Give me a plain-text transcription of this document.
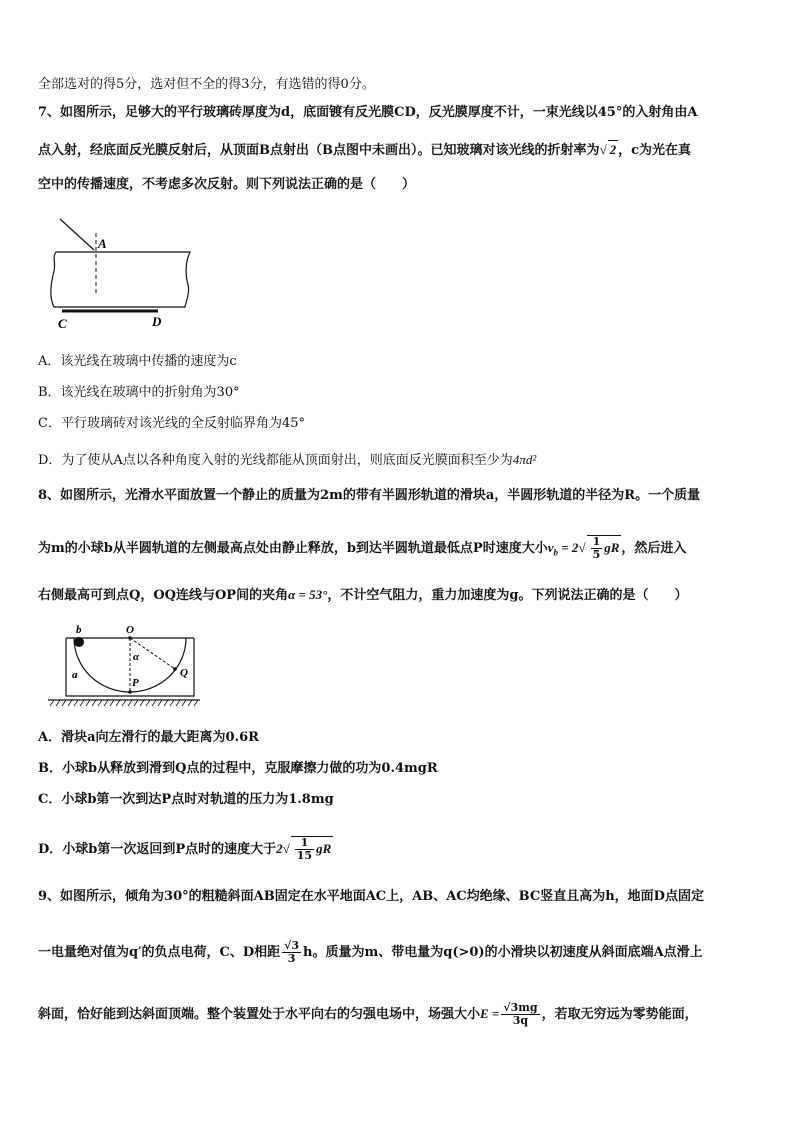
全部选对的得5分，选对但不全的得3分，有选错的得0分。
7、如图所示，足够大的平行玻璃砖厚度为d，底面镀有反光膜CD，反光膜厚度不计，一束光线以45°的入射角由A
点入射，经底面反光膜反射后，从顶面B点射出（B点图中未画出）。已知玻璃对该光线的折射率为√ 2 ，c为光在真
空中的传播速度，不考虑多次反射。则下列说法正确的是（　　）
A
C	D
A．该光线在玻璃中传播的速度为c
B．该光线在玻璃中的折射角为30°
C．平行玻璃砖对该光线的全反射临界角为45°
D．为了使从A点以各种角度入射的光线都能从顶面射出，则底面反光膜面积至少为4πd²
8、如图所示，光滑水平面放置一个静止的质量为2m的带有半圆形轨道的滑块a，半圆形轨道的半径为R。一个质量
为m的小球b从半圆轨道的左侧最高点处由静止释放，b到达半圆轨道最低点P时速度大小$v_b = 2√ \frac{1}{5}$ gR ，然后进入
右侧最高可到点Q，OQ连线与OP间的夹角α = 53°，不计空气阻力，重力加速度为g。下列说法正确的是（　　）
b	O
α
Q
P
a
A．滑块a向左滑行的最大距离为0.6R
B．小球b从释放到滑到Q点的过程中，克服摩擦力做的功为0.4mgR
C．小球b第一次到达P点时对轨道的压力为1.8mg
D．小球b第一次返回到P点时的速度大于$2√ \frac{1}{15}$ gR
9、如图所示，倾角为30°的粗糙斜面AB固定在水平地面AC上，AB、AC均绝缘、BC竖直且高为h，地面D点固定
一电量绝对值为q′的负点电荷，C、D相距 $\frac{√3}{3}$ h。质量为m、带电量为q(>0)的小滑块以初速度从斜面底端A点滑上
斜面，恰好能到达斜面顶端。整个装置处于水平向右的匀强电场中，场强大小$E = \frac{√3mg}{3q}$ ，若取无穷远为零势能面，
